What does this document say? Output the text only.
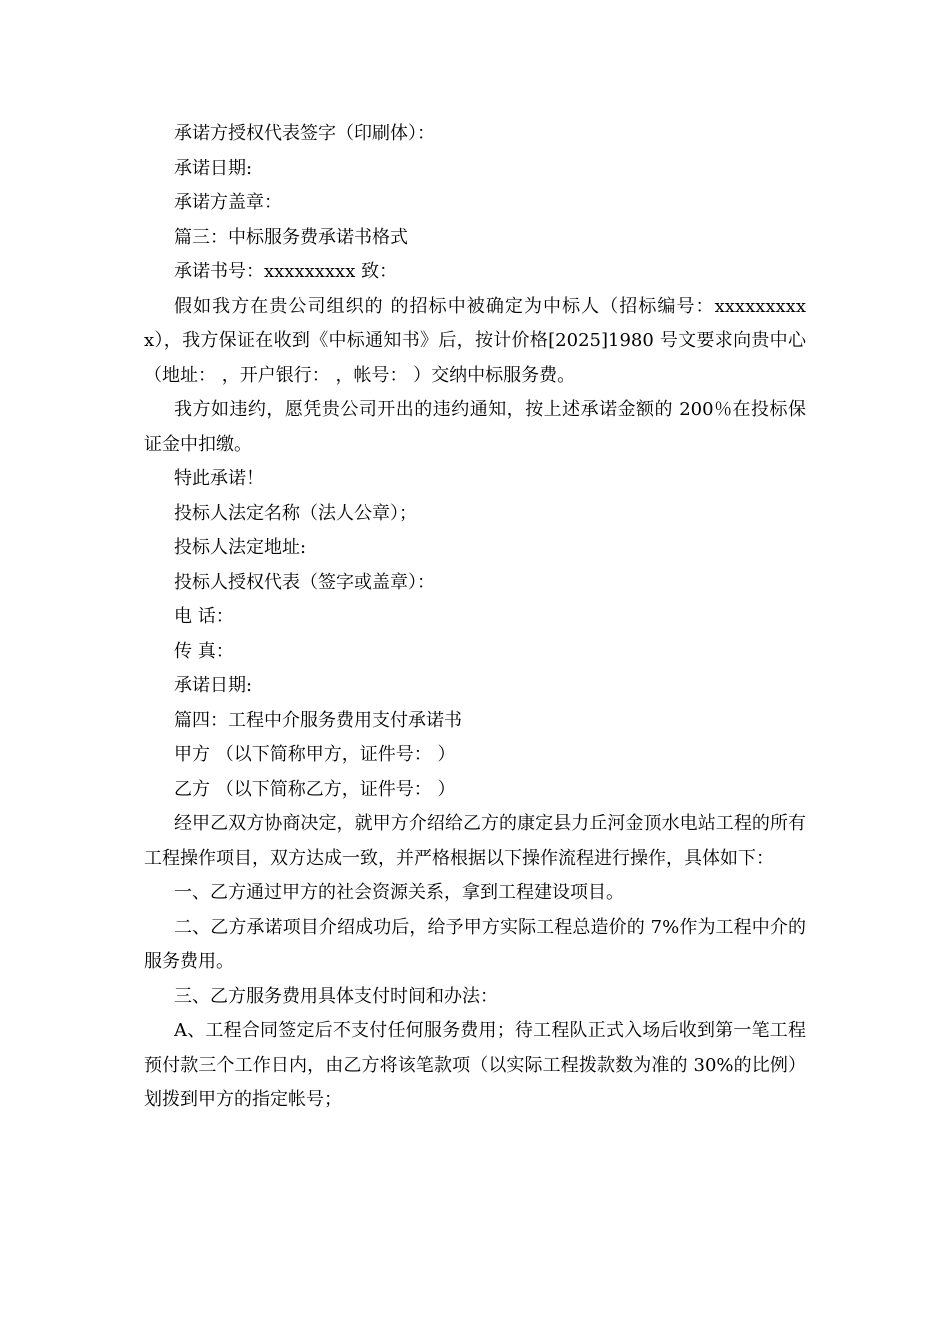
承诺方授权代表签字（印刷体）：

承诺日期:

承诺方盖章：

篇三：中标服务费承诺书格式

承诺书号：xxxxxxxxx 致：

假如我方在贵公司组织的 的招标中被确定为中标人（招标编号：xxxxxxxxxx），我方保证在收到《中标通知书》后，按计价格[2025]1980 号文要求向贵中心（地址： ，开户银行： ，帐号： ）交纳中标服务费。

我方如违约，愿凭贵公司开出的违约通知，按上述承诺金额的 200％在投标保证金中扣缴。

特此承诺！

投标人法定名称（法人公章）；

投标人法定地址:

投标人授权代表（签字或盖章）：

电 话：

传 真：

承诺日期:

篇四：工程中介服务费用支付承诺书

甲方 （以下简称甲方，证件号： ）

乙方 （以下简称乙方，证件号： ）

经甲乙双方协商决定，就甲方介绍给乙方的康定县力丘河金顶水电站工程的所有工程操作项目，双方达成一致，并严格根据以下操作流程进行操作，具体如下：

一、乙方通过甲方的社会资源关系，拿到工程建设项目。

二、乙方承诺项目介绍成功后，给予甲方实际工程总造价的 7%作为工程中介的服务费用。

三、乙方服务费用具体支付时间和办法：

A、工程合同签定后不支付任何服务费用；待工程队正式入场后收到第一笔工程预付款三个工作日内，由乙方将该笔款项（以实际工程拨款数为准的 30%的比例）划拨到甲方的指定帐号；
